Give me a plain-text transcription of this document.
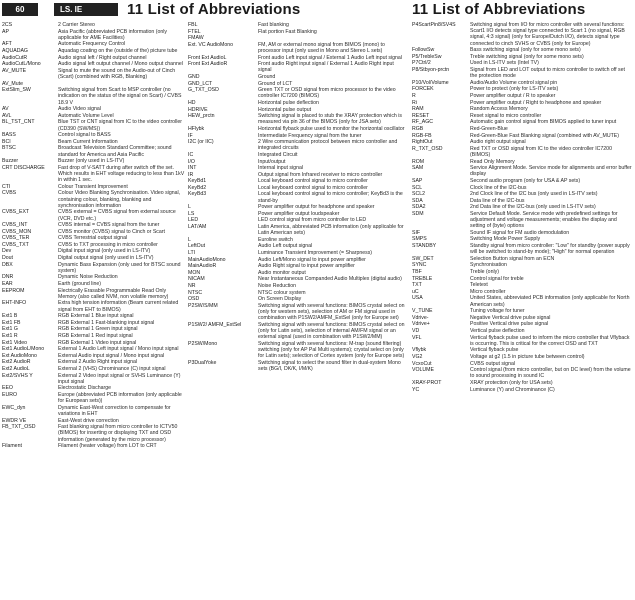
60	LS. IE	11 List of Abbreviations	11 List of Abbreviations
2CS	2 Carrier Stereo
AP	Asia Pacific (abbreviated PCB information (only applicable for AME Facilities)
AFT	Automatic Frequency Control
AQUADAG	Aquadag coating on the (outside of the) picture tube
AudioCutR	Audio signal left / Right output channel
AudioCutL/Mono	Audio signal left output channel / Mono output channel
AV_MUTE	Signal to mute the sound on the Audio-out of Cinch (Scart) (combined with RGB, Blanking)
AV_Mute
ExtSlim_SW	Switching signal from Scart to MSP controller (no indication on the status of the signal on Scart) / CVBS 18.9 V
AV	Audio Video signal
AVL	Automatic Volume Level
BL_TST_CNT	Blue TST or CNT signal from IC to the video controller (CD390 (SW/MS))
BASS	Control signal to BASS
BCI	Beam Current Information
BTSC	Broadcast Television Standard Committee; sound standard for America and Asia Pacific
Buzzer	Buzzer (only used in LS-ITV)
CRT DISCHARGE	Fast drop of V-SATT during after switch off the set. Which results in EHT voltage reducing to less than 1kV in within 1 sec.
CTI	Colour Transient Improvement
CVBS	Colour Video Blanking Synchronisation. Video signal, containing colour, blanking, blanking and synchronisation information
CVBS_EXT	CVBS external = CVBS signal from external source (VCR, DVD etc.)
CVBS_INT	CVBS internal = CVBS signal from the tuner
CVBS_MON	CVBS monitor (CVBS) signal to Cinch or Scart
CVBS_TER	CVBS Terrestrial output signal
CVBS_TXT	CVBS to TXT processing in micro controller
Dev	Digital input signal (only used in LS-ITV)
Dout	Digital output signal (only used in LS-ITV)
DBX	Dynamic Bass Expansion (only used for BTSC sound system)
DNR	Dynamic Noise Reduction
EAR	Earth (ground line)
EEPROM	Electrically Erasable Programmable Read Only Memory (also called NVM, non volatile memory)
EHT-INFO	Extra high tension information (Beam current related signal from EHT to BIMOS)
Ext1 B	RGB External 1 Blue input signal
Ext1 FB	RGB External 1 Fast-blanking input signal
Ext1 G	RGB External 1 Green input signal
Ext1 R	RGB External 1 Red input signal
Ext1 Video	RGB External 1 Video input signal
Ext1 AudioL/Mono	External 1 Audio Left input signal / Mono input signal
Ext AudioMono	External Audio input signal / Mono input signal
Ext2 AudioR	External 2 Audio Right input signal
Ext2 AudioL	External 2 (VHS) Chrominance (C) input signal
Ext2/SVHS Y	External 2 Video input signal or SVHS Luminance (Y) input signal
EEO	Electrostatic Discharge
EURO	Europe (abbreviated PCB information (only applicable for European sets))
EWC_dyn	Dynamic East-West correction to compensate for variations in EHT
EWDR VE	East-West drive correction
FB_TXT_OSD	Fast blanking signal from micro controller to ICTV50 (BIMOS) for inserting or displaying TXT and OSD information (generated by the micro processor)
Filament	Filament (heater voltage) from LOT to CRT
FBL	Fast blanking
FTEL	Flat portion Fast Blanking
FMAW
Ext. VC AudioMono	FM, AM or external mono signal from BIMOS (mono) to processor input (only used in Mono and Stereo L sets)
Front Ext AudioL	Front audio Left input signal / External 1 Audio Left input signal
Front Ext AudioR	Front audio Right input signal / External 1 Audio Right input signal
GND	Ground
GND_LCT	Ground of LCT
G_TXT_OSD	Green TXT or OSD signal from micro processor to the video controller IC7200 (BIMOS)
HD	Horizontal pulse deflection
HDRIVE	Horizontal pulse output
HEW_prctn	Switching signal is placed to stub the XRAY protection which is measured via pin 36 of the BIMOS (only for JSA sets)
HFlybk	Horizontal flyback pulse used to monitor the horizontal oscillator
IF	Intermediate Frequency signal from the tuner
I2C (or IIC)	2 Wire communication protocol between micro controller and integrated circuits
IC	Integrated Circuit
I/O	Input/output
INT	Internal input signal
IR	Output signal from Infrared receiver to micro controller
KeyBd1	Local keyboard control signal to micro controller
KeyBd2	Local keyboard control signal to micro controller
KeyBd3	Local keyboard control signal to micro controller; KeyBd3 is the stand-by
L	Power amplifier output for headphone and speaker
LS	Power amplifier output loudspeaker
LED	LED control signal from micro controller to LED
LAT/AM	Latin America, abbreviated PCB information (only applicable for Latin American sets)
L	Euroline switch
LeftOut	Audio Left output signal
LTI	Luminance Transient Improvement (= Sharpness)
MainAudioMono	Audio Left/Mono signal to input power amplifier
MainAudioR	Audio Right signal to input power amplifier
MON	Audio monitor output
NICAM	Near Instantaneous Companded Audio Multiplex (digital audio)
NR	Noise Reduction
NTSC	NTSC colour system
OSD	On Screen Display
P2SW/S/MM	Switching signal with several functions: BIMOS crystal select on (only for western sets), selection of AM or FM signal used in combination with P1SW2/AMFM_ExtSel (only for Europe set)
P1SW2/ AMFM_ExtSel	Switching signal with several functions: BIMOS crystal select on (only for Latin sets), selection of internal AM/FM signal or an external signal (used in combination with P1SW2/MM)
P2SW/Mono	Switching signal with several functions: M-trap (sound filtering) switching (only for AP Pal Multi systems); crystal select on (only for Latin sets); selection of Cortex system (only for Europe sets)
P3DualYoke	Switching signal to select the sound filter in dual-system Mono sets (BG/I, DK/K, I/M/K)
P4ScartPin8/SV4S	Switching signal from I/O for micro controller with several functions: Scart1 I/O detects signal type connected to Scart 1 (no signal, RGB signal, 4:3 signal) (only for Europe/Dutch I/O), detects signal type connected to cinch SVHS or CVBS (only for Europe)
FollowSw	Bass switching signal (only for some mono sets)
P5/TrebleSw	Treble switching signal (only for some mono sets)
P7Ctrl/2	Used in LS-ITV sets (Intel TV)
P8/Stbyon-prctn	Signal from LED and LOT output to micro controller to switch off set the protection mode
P10/Vol/Volume	Audio/Audio Volume control signal pin
FORCEK	Power to protect (only for LS-ITV sets)
R	Power amplifier output / R to speaker
Ri	Power amplifier output / Right to headphone and speaker
RAM	Random Access Memory
RESET	Reset signal to micro controller
RF_AGC	Automatic gain control signal from BIMOS applied to tuner input
RGB	Red-Green-Blue
RGB-FB	Red-Green-Blue Fast Blanking signal (combined with AV_MUTE)
RightOut	Audio right output signal
R_TXT_OSD	Red TXT or OSD signal from IC to the video controller IC7200 (BIMOS)
ROM	Read Only Memory
SAM	Service Alignment Mode. Service mode for alignments and error buffer display
SAP	Second audio program (only for USA & AP sets)
SCL	Clock line of the I2C-bus
SCL2	2nd Clock line of the I2C bus (only used in LS-ITV sets)
SDA	Data line of the I2C-bus
SDA2	2nd Data line of the I2C-bus (only used in LS-ITV sets)
SDM	Service Default Mode. Service mode with predefined settings for adjustment and voltage measurements; enables the display and setting of (byte) options
SIF	Sound IF signal for FM audio demodulation
SMPS	Switching Mode Power Supply
STANDBY	Standby signal from micro controller: "Low" for standby (power supply will be switched to stand-by mode); "High" for normal operation
SW_DET	Selection Button signal from an ECN
SYNC	Synchronisation
TBF	Treble (only)
TREBLE	Control signal for treble
TXT	Teletext
uC	Micro controller
USA	United States, abbreviated PCB information (only applicable for North American sets)
V_TUNE	Tuning voltage for tuner
Vdrive-	Negative Vertical drive pulse signal
Vdrive+	Positive Vertical drive pulse signal
VD	Vertical pulse deflection
VFL	Vertical flyback pulse used to inform the micro controller that Vflyback is occurring. This is critical for the correct OSD and TXT
Vflybk	Vertical flyback pulse
VG2	Voltage at g2 (1.5 in picture tube between control)
VcxoCut	CVBS output signal
VOLUME	Control signal (from micro controller, but on DC level) from the volume to sound processing in sound IC
XRAY-PROT	XRAY protection (only for USA sets)
YC	Luminance (Y) and Chrominance (C)
